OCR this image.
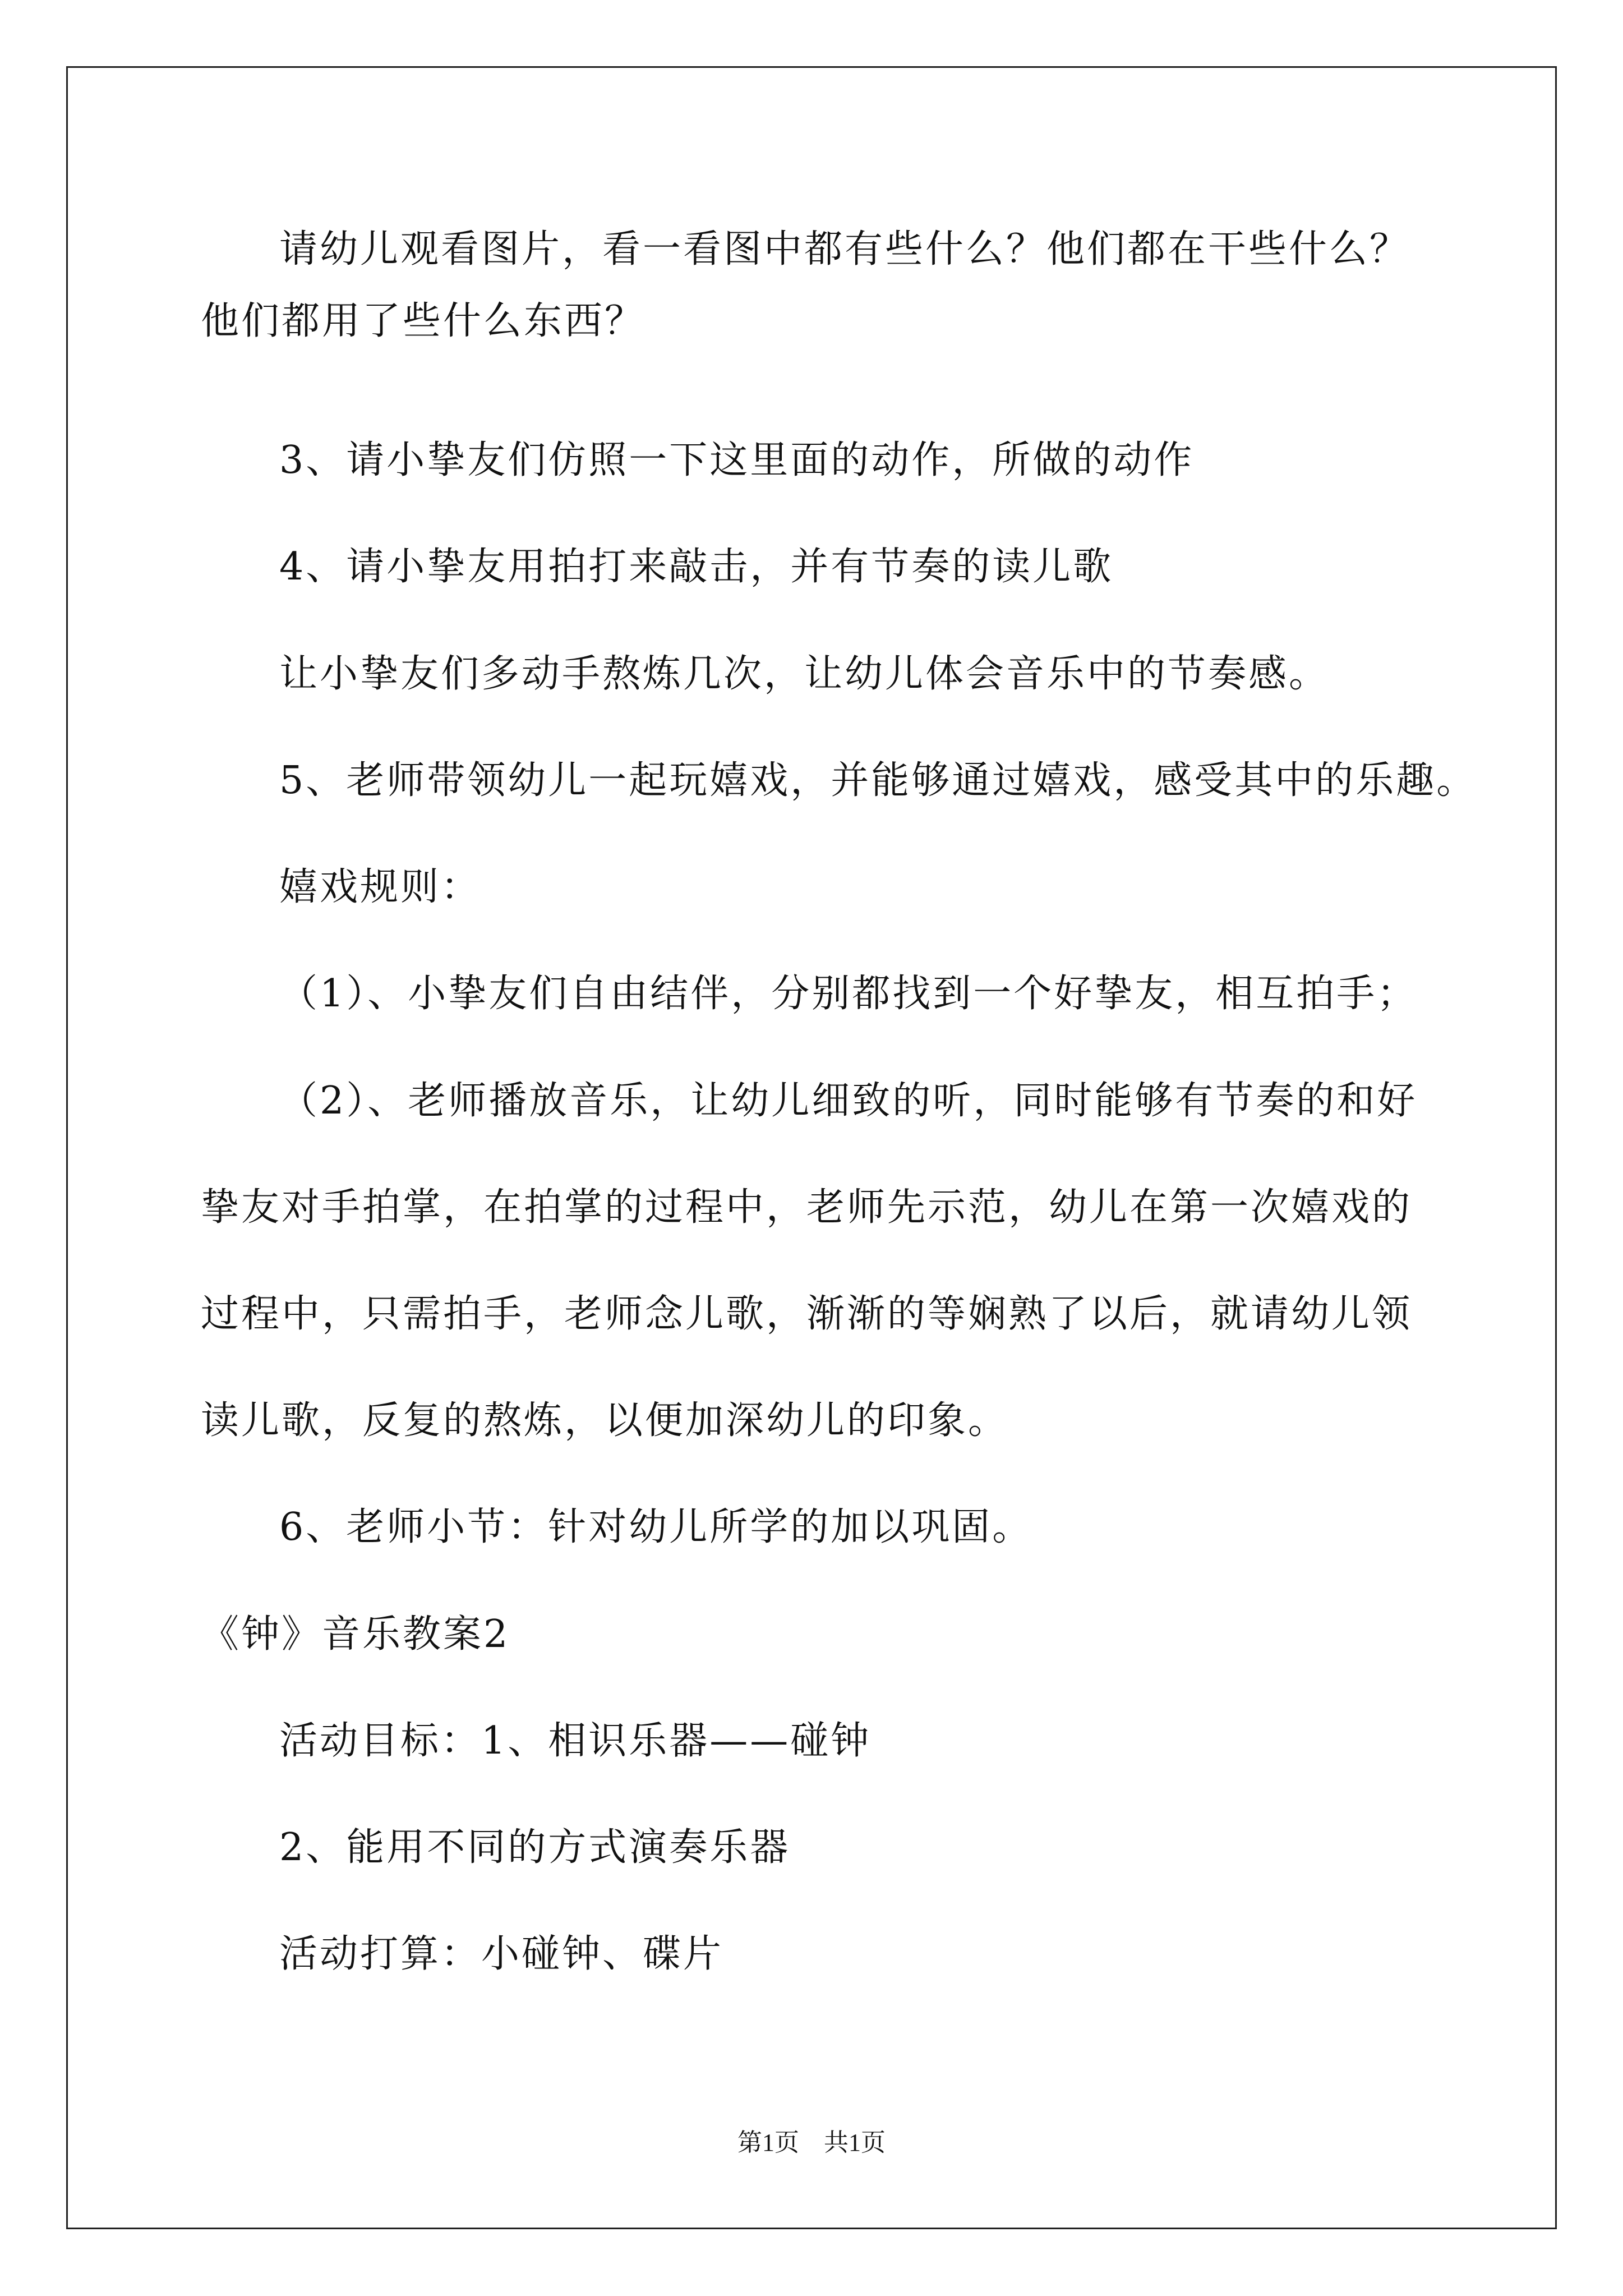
请幼儿观看图片，看一看图中都有些什么？他们都在干些什么？
他们都用了些什么东西？
3、请小挚友们仿照一下这里面的动作，所做的动作
4、请小挚友用拍打来敲击，并有节奏的读儿歌
让小挚友们多动手熬炼几次，让幼儿体会音乐中的节奏感。
5、老师带领幼儿一起玩嬉戏，并能够通过嬉戏，感受其中的乐趣。
嬉戏规则：
（1）、小挚友们自由结伴，分别都找到一个好挚友，相互拍手；
（2）、老师播放音乐，让幼儿细致的听，同时能够有节奏的和好
挚友对手拍掌，在拍掌的过程中，老师先示范，幼儿在第一次嬉戏的
过程中，只需拍手，老师念儿歌，渐渐的等娴熟了以后，就请幼儿领
读儿歌，反复的熬炼，以便加深幼儿的印象。
6、老师小节：针对幼儿所学的加以巩固。
《钟》音乐教案2
活动目标：1、相识乐器——碰钟
2、能用不同的方式演奏乐器
活动打算：小碰钟、碟片
第1页　共1页
